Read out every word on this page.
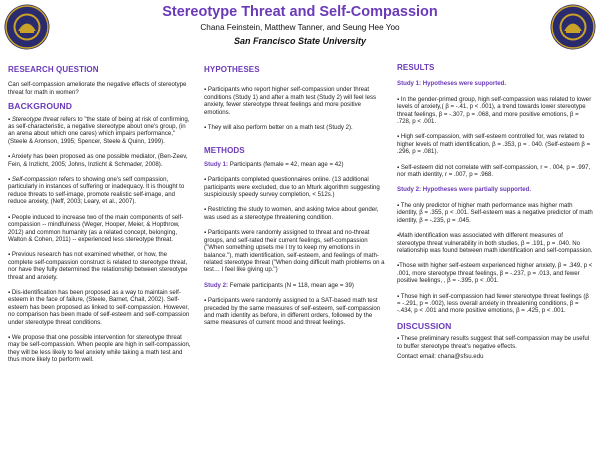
Stereotype Threat and Self-Compassion
Chana Feinstein, Matthew Tanner, and Seung Hee Yoo
San Francisco State University
RESEARCH QUESTION

Can self-compassion ameliorate the negative effects of stereotype threat for math in women?

BACKGROUND

▪ Stereotype threat refers to "the state of being at risk of confirming, as self-characteristic, a negative stereotype about one's group, (in an arena about which one cares) which impairs performance," (Steele & Aronson, 1995; Spencer, Steele & Quinn, 1999).

▪ Anxiety has been proposed as one possible mediator, (Ben-Zeev, Fein, & Inzlicht, 2005; Johns, Inzlicht & Schmader, 2008).

▪ Self-compassion refers to showing one's self compassion, particularly in instances of suffering or inadequacy. It is thought to reduce threats to self-image, promote realistic self-image, and reduce anxiety, (Neff, 2003; Leary, et al., 2007).

▪ People induced to increase two of the main components of self-compassion -- mindfulness (Weger, Hooper, Meier, & Hopthrow, 2012) and common humanity (as a related concept, belonging, Walton & Cohen, 2011) -- experienced less stereotype threat.

▪ Previous research has not examined whether, or how, the complete self-compassion construct is related to stereotype threat, nor have they fully determined the relationship between stereotype threat and anxiety.

▪ Dis-identification has been proposed as a way to maintain self-esteem in the face of failure, (Steele, Barnet, Chait, 2002). Self-esteem has been proposed as linked to self-compassion. However, no comparison has been made of self-esteem and self-compassion under stereotype threat conditions.

▪ We propose that one possible intervention for stereotype threat may be self-compassion. When people are high in self-compassion, they will be less likely to feel anxiety while taking a math test and thus more likely to perform well.

HYPOTHESES

▪ Participants who report higher self-compassion under threat conditions (Study 1) and after a math test (Study 2) will feel less anxiety, fewer stereotype threat feelings and more positive emotions.

▪ They will also perform better on a math test (Study 2).

METHODS

Study 1: Participants (female = 42, mean age = 42)

▪ Participants completed questionnaires online. (13 additional participants were excluded, due to an Mturk algorithm suggesting suspiciously speedy survey completion, < 512s.)

▪ Restricting the study to women, and asking twice about gender, was used as a stereotype threatening condition.

▪ Participants were randomly assigned to threat and no-threat groups, and self-rated their current feelings, self-compassion ("When something upsets me I try to keep my emotions in balance."), math identification, self-esteem, and feelings of math-related stereotype threat ("When doing difficult math problems on a test… I feel like giving up.")

Study 2: Female participants (N = 118, mean age = 39)

▪ Participants were randomly assigned to a SAT-based math test preceded by the same measures of self-esteem, self-compassion and math identity as before, in different orders, followed by the same measures of current mood and threat feelings.

RESULTS

Study 1: Hypotheses were supported.

▪ In the gender-primed group, high self-compassion was related to lower levels of anxiety,( β = -.41, p < .001), a trend towards lower stereotype threat feelings, β = -.307, p = .068, and more positive emotions, β = .728, p < .001.

▪ High self-compassion, with self-esteem controlled for, was related to higher levels of math identification, β = .353, p = . 040. (Self-esteem β = .296, p = .081).

▪ Self-esteem did not correlate with self-compassion, r = . 004, p = .997, nor math identity, r = .007, p = .968.

Study 2: Hypotheses were partially supported.

▪ The only predictor of higher math performance was higher math identity, β = .355, p < .001. Self-esteem was a negative predictor of math identity, β = -.235, p = .045.

▪Math identification was associated with different measures of stereotype threat vulnerability in both studies, β = .191, p = .040. No relationship was found between math identification and self-compassion.

▪Those with higher self-esteem experienced higher anxiety, β = .349, p < .001, more stereotype threat feelings, β = -.237, p = .013, and fewer positive feelings, , β = -.395, p < .001.

▪ Those high in self-compassion had fewer stereotype threat feelings (β = -.291, p = .002), less overall anxiety in threatening conditions, β = -.434, p < .001 and more positive emotions, β = .425, p < .001.

DISCUSSION

▪ These preliminary results suggest that self-compassion may be useful to buffer stereotype threat's negative effects.

Contact email: chana@sfsu.edu
